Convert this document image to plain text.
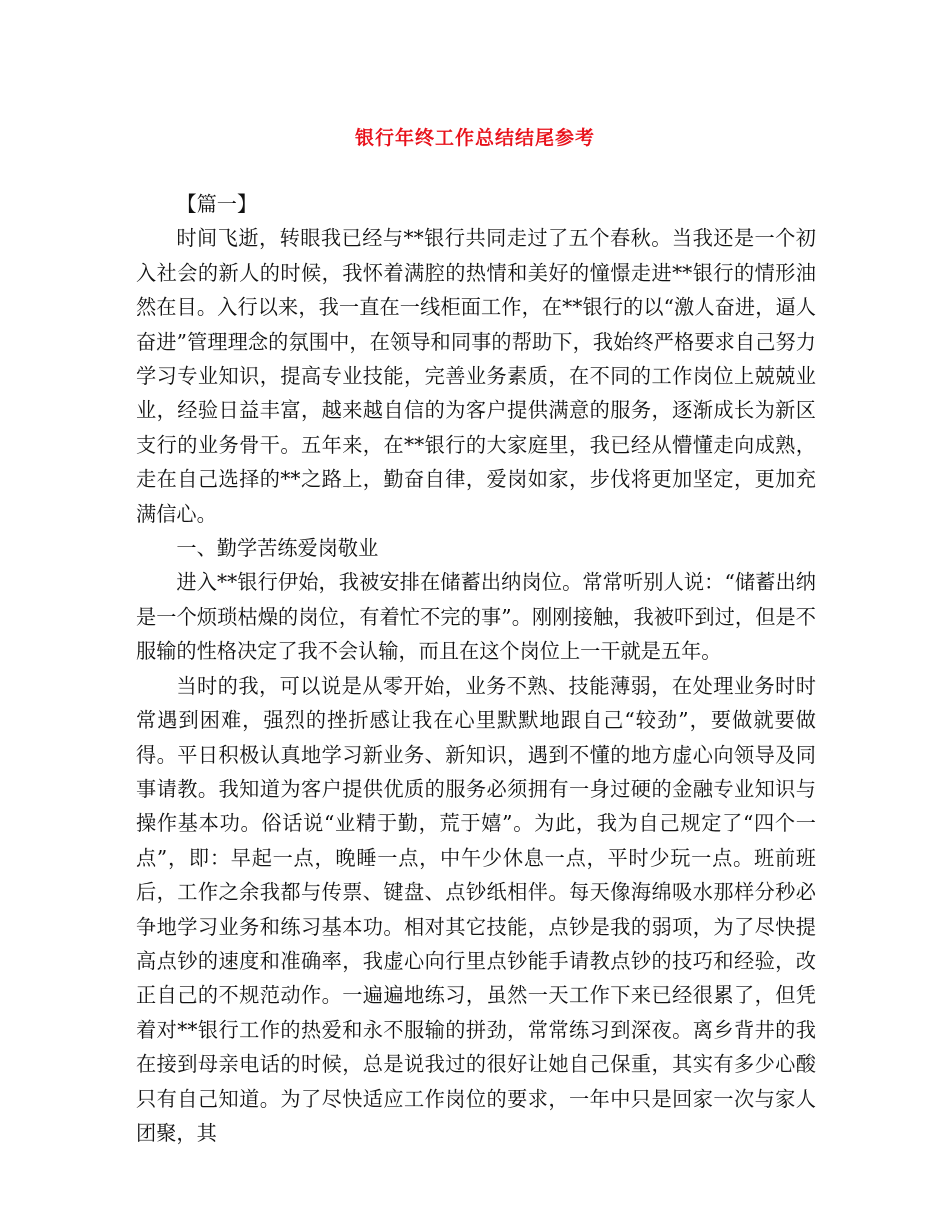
银行年终工作总结结尾参考

【篇一】

时间飞逝，转眼我已经与**银行共同走过了五个春秋。当我还是一个初入社会的新人的时候，我怀着满腔的热情和美好的憧憬走进**银行的情形油然在目。入行以来，我一直在一线柜面工作，在**银行的以“激人奋进，逼人奋进”管理理念的氛围中，在领导和同事的帮助下，我始终严格要求自己努力学习专业知识，提高专业技能，完善业务素质，在不同的工作岗位上兢兢业业，经验日益丰富，越来越自信的为客户提供满意的服务，逐渐成长为新区支行的业务骨干。五年来，在**银行的大家庭里，我已经从懵懂走向成熟，走在自己选择的**之路上，勤奋自律，爱岗如家，步伐将更加坚定，更加充满信心。

一、勤学苦练爱岗敬业

进入**银行伊始，我被安排在储蓄出纳岗位。常常听别人说：“储蓄出纳是一个烦琐枯燥的岗位，有着忙不完的事”。刚刚接触，我被吓到过，但是不服输的性格决定了我不会认输，而且在这个岗位上一干就是五年。

当时的我，可以说是从零开始，业务不熟、技能薄弱，在处理业务时时常遇到困难，强烈的挫折感让我在心里默默地跟自己“较劲”，要做就要做得。平日积极认真地学习新业务、新知识，遇到不懂的地方虚心向领导及同事请教。我知道为客户提供优质的服务必须拥有一身过硬的金融专业知识与操作基本功。俗话说“业精于勤，荒于嬉”。为此，我为自己规定了“四个一点”，即：早起一点，晚睡一点，中午少休息一点，平时少玩一点。班前班后，工作之余我都与传票、键盘、点钞纸相伴。每天像海绵吸水那样分秒必争地学习业务和练习基本功。相对其它技能，点钞是我的弱项，为了尽快提高点钞的速度和准确率，我虚心向行里点钞能手请教点钞的技巧和经验，改正自己的不规范动作。一遍遍地练习，虽然一天工作下来已经很累了，但凭着对**银行工作的热爱和永不服输的拼劲，常常练习到深夜。离乡背井的我在接到母亲电话的时候，总是说我过的很好让她自己保重，其实有多少心酸只有自己知道。为了尽快适应工作岗位的要求，一年中只是回家一次与家人团聚，其
